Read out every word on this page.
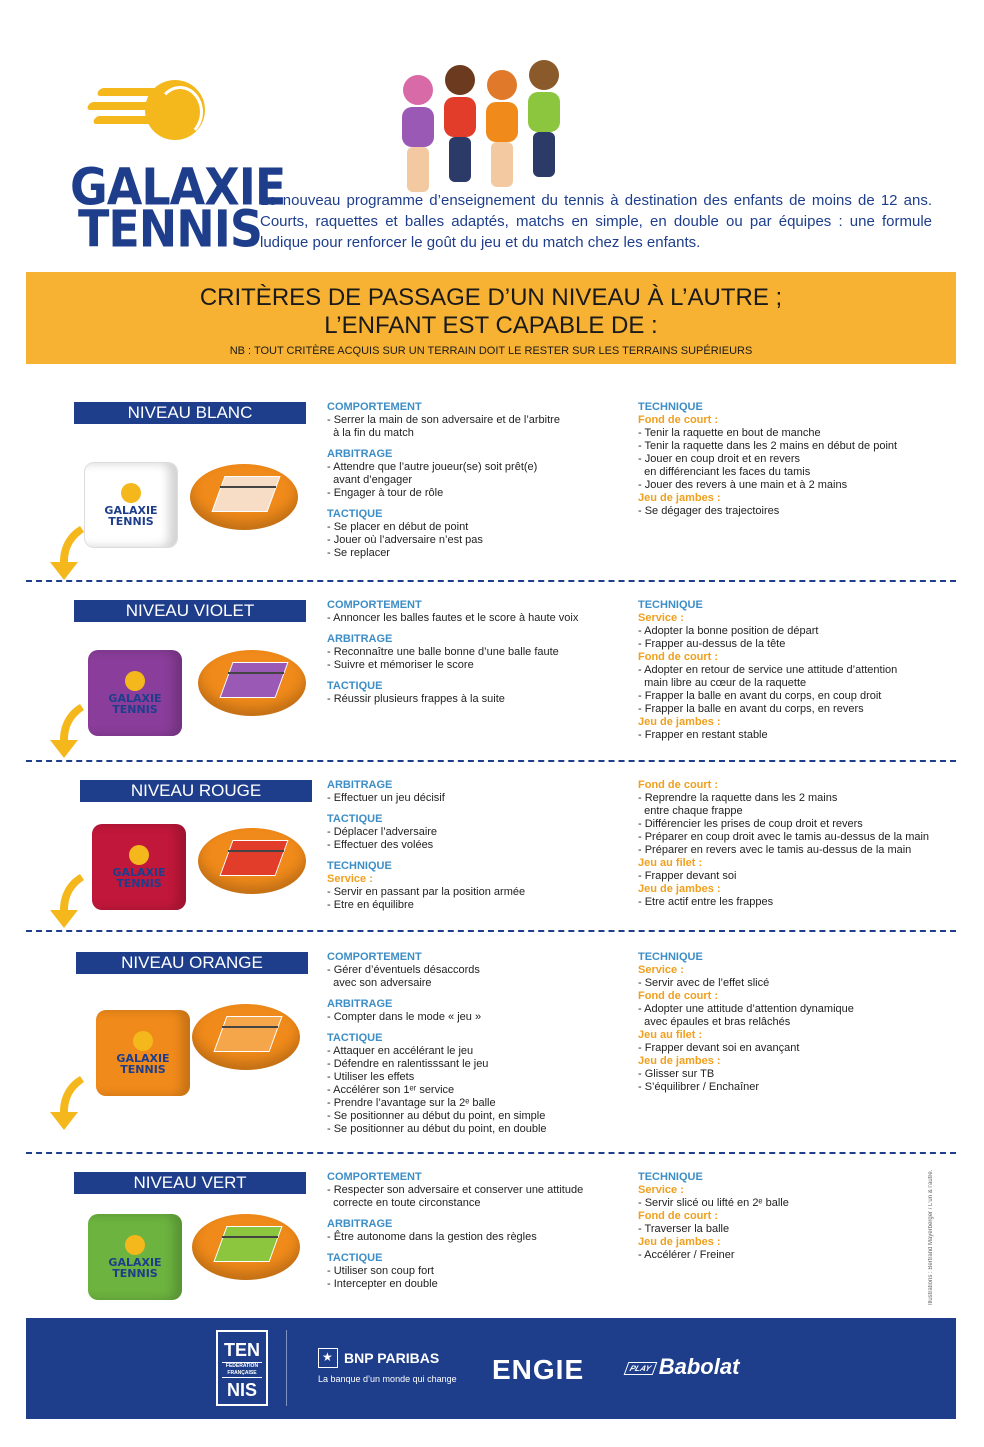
GALAXIE
TENNIS
Le nouveau programme d’enseignement du tennis à destination des enfants de moins de 12 ans. Courts, raquettes et balles adaptés, matchs en simple, en double ou par équipes : une formule ludique pour renforcer le goût du jeu et du match chez les enfants.
CRITÈRES DE PASSAGE D’UN NIVEAU À L’AUTRE ;
L’ENFANT EST CAPABLE DE :
NB : TOUT CRITÈRE ACQUIS SUR UN TERRAIN DOIT LE RESTER SUR LES TERRAINS SUPÉRIEURS
NIVEAU BLANC
GALAXIE
TENNIS
COMPORTEMENT
- Serrer la main de son adversaire et de l’arbitre
à la fin du match
ARBITRAGE
- Attendre que l’autre joueur(se) soit prêt(e)
avant d’engager
- Engager à tour de rôle
TACTIQUE
- Se placer en début de point
- Jouer où l’adversaire n’est pas
- Se replacer
TECHNIQUE
Fond de court :
- Tenir la raquette en bout de manche
- Tenir la raquette dans les 2 mains en début de point
- Jouer en coup droit et en revers
en différenciant les faces du tamis
- Jouer des revers à une main et à 2 mains
Jeu de jambes :
- Se dégager des trajectoires
NIVEAU VIOLET
GALAXIE
TENNIS
COMPORTEMENT
- Annoncer les balles fautes et le score à haute voix
ARBITRAGE
- Reconnaître une balle bonne d’une balle faute
- Suivre et mémoriser le score
TACTIQUE
- Réussir plusieurs frappes à la suite
TECHNIQUE
Service :
- Adopter la bonne position de départ
- Frapper au-dessus de la tête
Fond de court :
- Adopter en retour de service une attitude d’attention
main libre au cœur de la raquette
- Frapper la balle en avant du corps, en coup droit
- Frapper la balle en avant du corps, en revers
Jeu de jambes :
- Frapper en restant stable
NIVEAU ROUGE
GALAXIE
TENNIS
ARBITRAGE
- Effectuer un jeu décisif
TACTIQUE
- Déplacer l’adversaire
- Effectuer des volées
TECHNIQUE
Service :
- Servir en passant par la position armée
- Etre en équilibre
Fond de court :
- Reprendre la raquette dans les 2 mains
entre chaque frappe
- Différencier les prises de coup droit et revers
- Préparer en coup droit avec le tamis au-dessus de la main
- Préparer en revers avec le tamis au-dessus de la main
Jeu au filet :
- Frapper devant soi
Jeu de jambes :
- Etre actif entre les frappes
NIVEAU ORANGE
GALAXIE
TENNIS
COMPORTEMENT
- Gérer d’éventuels désaccords
avec son adversaire
ARBITRAGE
- Compter dans le mode « jeu »
TACTIQUE
- Attaquer en accélérant le jeu
- Défendre en ralentisssant le jeu
- Utiliser les effets
- Accélérer son 1ᵉʳ service
- Prendre l’avantage sur la 2ᵉ balle
- Se positionner au début du point, en simple
- Se positionner au début du point, en double
TECHNIQUE
Service :
- Servir avec de l’effet slicé
Fond de court :
- Adopter une attitude d’attention dynamique
avec épaules et bras relâchés
Jeu au filet :
- Frapper devant soi en avançant
Jeu de jambes :
- Glisser sur TB
- S’équilibrer / Enchaîner
NIVEAU VERT
GALAXIE
TENNIS
COMPORTEMENT
- Respecter son adversaire et conserver une attitude
correcte en toute circonstance
ARBITRAGE
- Être autonome dans la gestion des règles
TACTIQUE
- Utiliser son coup fort
- Intercepter en double
TECHNIQUE
Service :
- Servir slicé ou lifté en 2ᵉ balle
Fond de court :
- Traverser la balle
Jeu de jambes :
- Accélérer / Freiner	Illustrations : Bertrand Mayerberger / L’un & l’autre.
TEN
FÉDÉRATION
FRANÇAISE
NIS
★BNP PARIBAS
La banque d’un monde qui change ENGIE	PLAY Babolat
